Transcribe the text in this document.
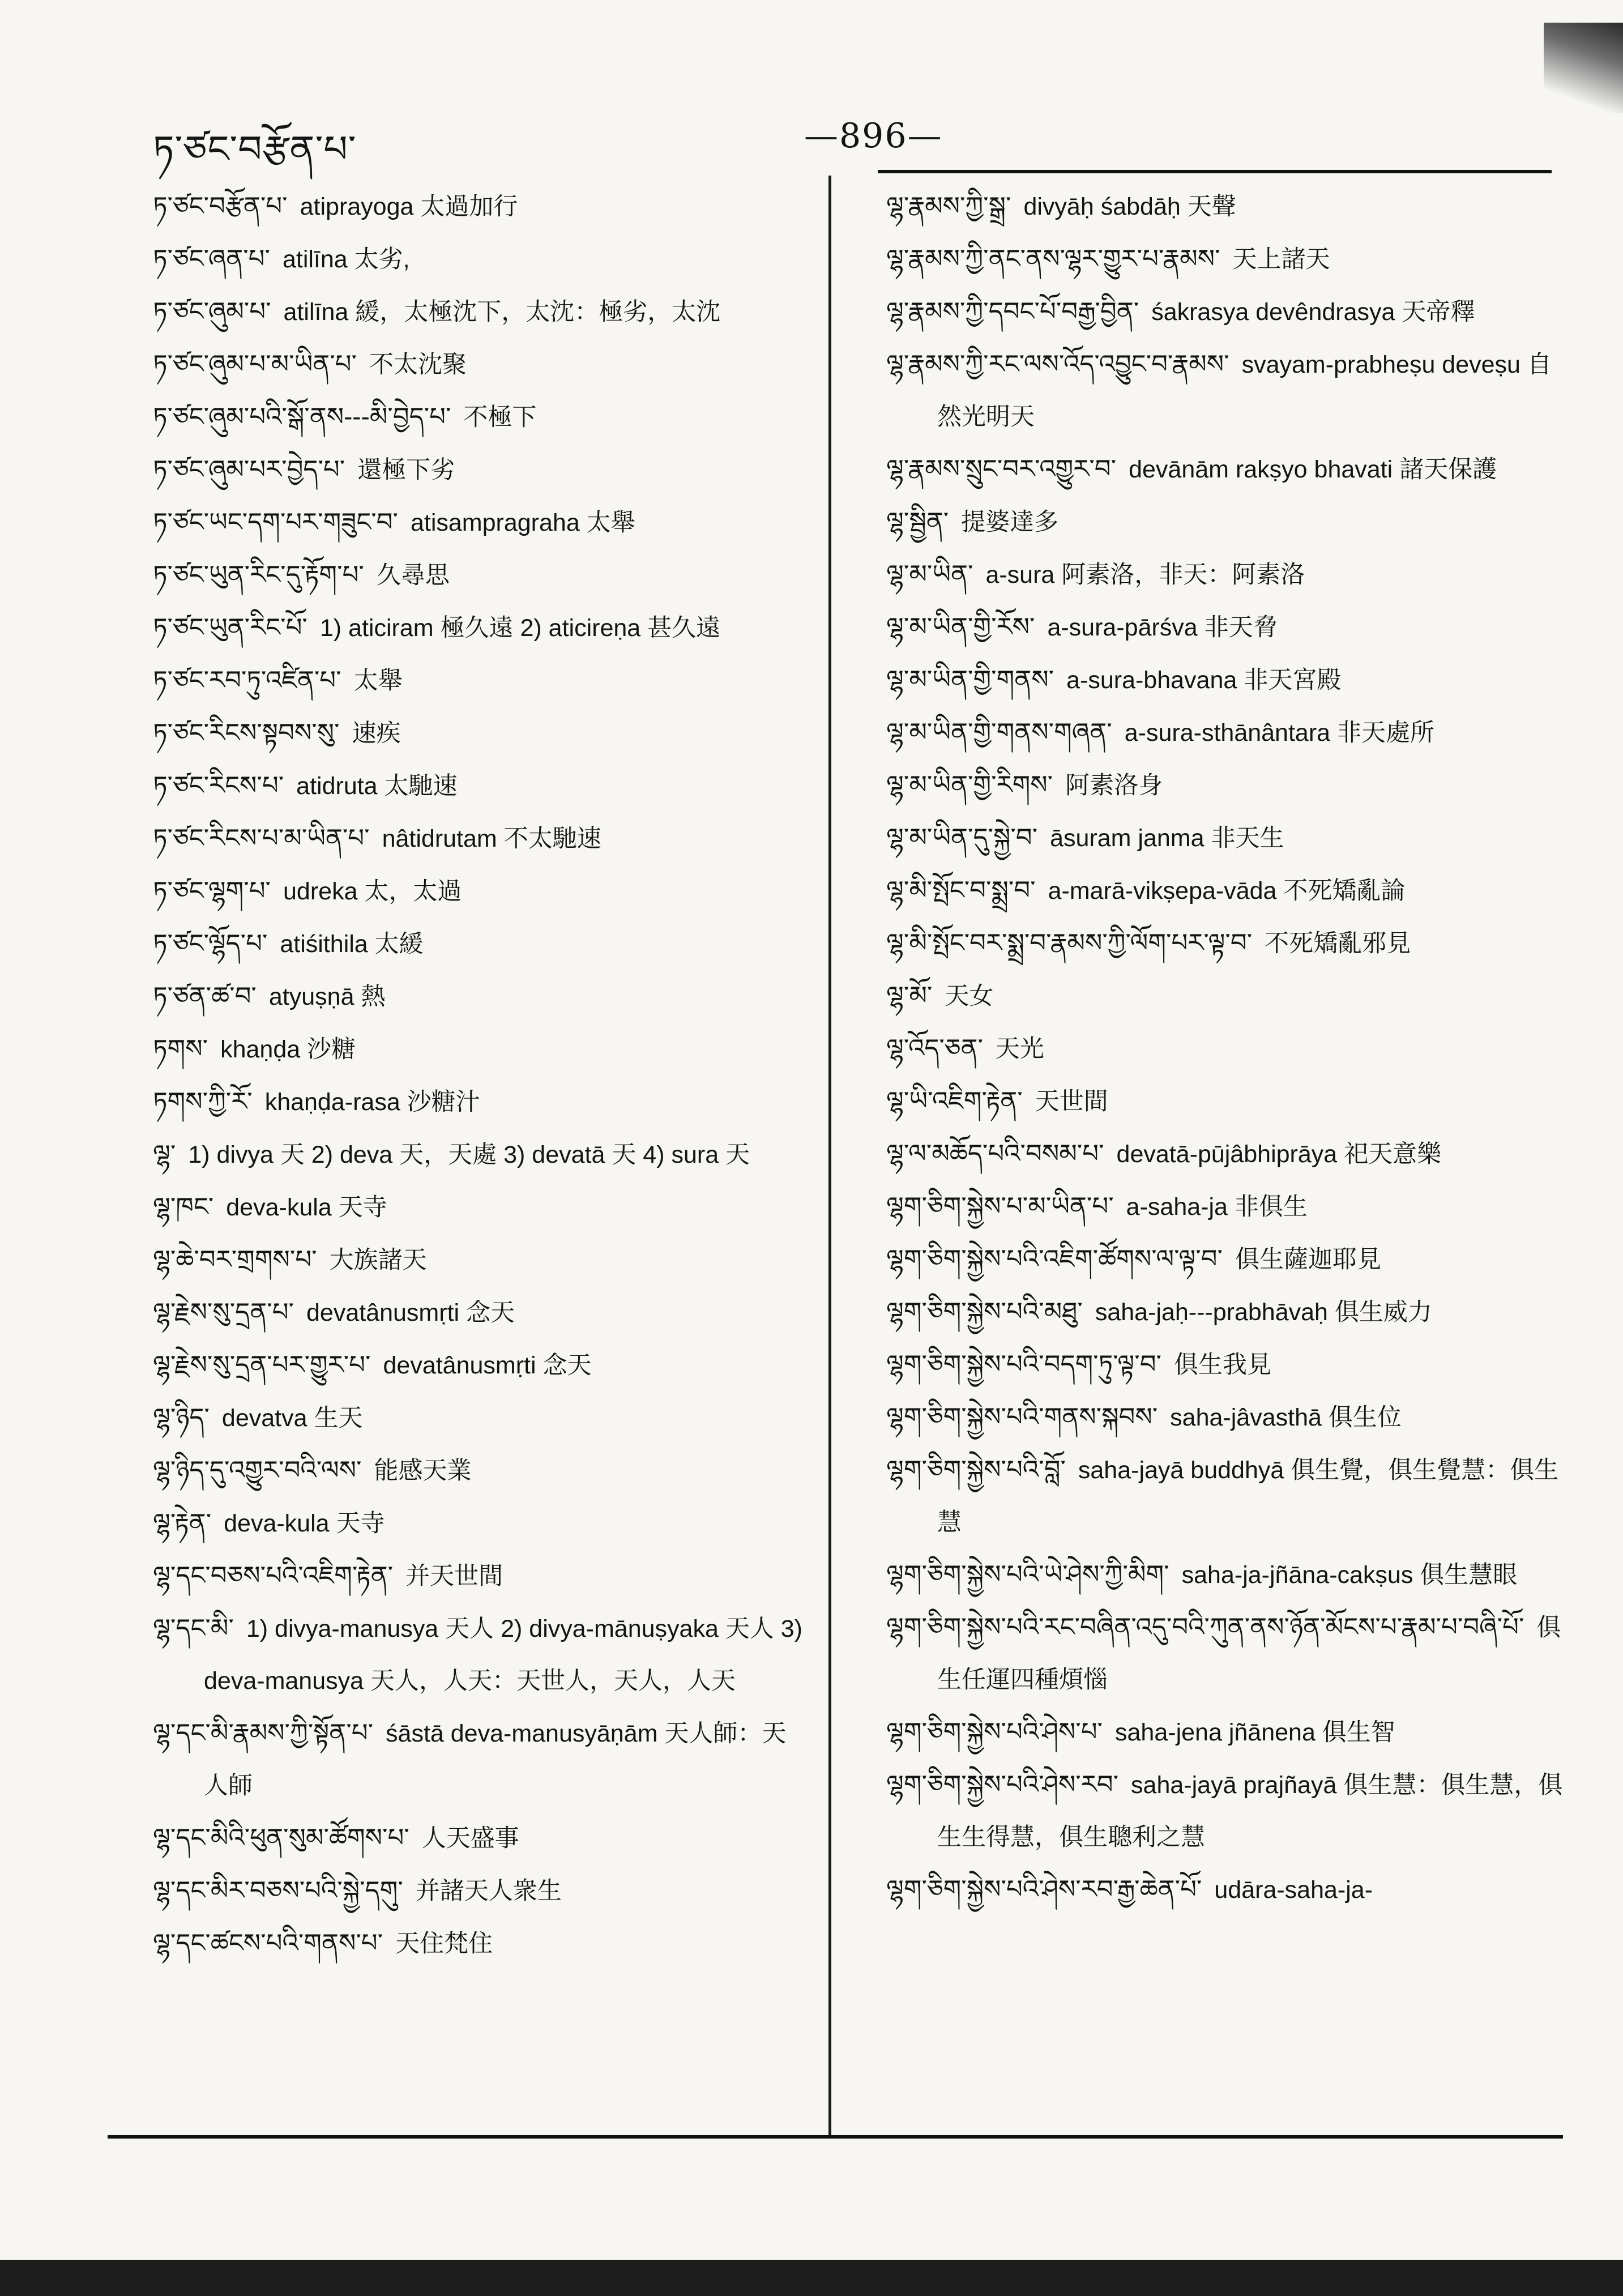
ཏ་ཙང་བརྩོན་པ་	—896—
ཏ་ཙང་བརྩོན་པ་ atiprayoga 太過加行
ཏ་ཙང་ཞན་པ་ atilīna 太劣,
ཏ་ཙང་ཞུམ་པ་ atilīna 緩，太極沈下，太沈：極劣，太沈
ཏ་ཙང་ཞུམ་པ་མ་ཡིན་པ་ 不太沈聚
ཏ་ཙང་ཞུམ་པའི་སྒོ་ནས---མི་བྱེད་པ་ 不極下
ཏ་ཙང་ཞུམ་པར་བྱེད་པ་ 還極下劣
ཏ་ཙང་ཡང་དག་པར་གཟུང་བ་ atisampragraha 太舉
ཏ་ཙང་ཡུན་རིང་དུ་རྟོག་པ་ 久尋思
ཏ་ཙང་ཡུན་རིང་པོ་ 1) aticiram 極久遠 2) aticireṇa 甚久遠
ཏ་ཙང་རབ་ཏུ་འཛིན་པ་ 太舉
ཏ་ཙང་རིངས་སྟབས་སུ་ 速疾
ཏ་ཙང་རིངས་པ་ atidruta 太馳速
ཏ་ཙང་རིངས་པ་མ་ཡིན་པ་ nâtidrutam 不太馳速
ཏ་ཙང་ལྷག་པ་ udreka 太，太過
ཏ་ཙང་ལྷོད་པ་ atiśithila 太緩
ཏ་ཙན་ཚ་བ་ atyuṣṇā 熱
ཏགས་ khaṇḍa 沙糖
ཏགས་ཀྱི་རོ་ khaṇḍa-rasa 沙糖汁
ལྷ་ 1) divya 天 2) deva 天，天處 3) devatā 天 4) sura 天
ལྷ་ཁང་ deva-kula 天寺
ལྷ་ཆེ་བར་གྲགས་པ་ 大族諸天
ལྷ་རྗེས་སུ་དྲན་པ་ devatânusmṛti 念天
ལྷ་རྗེས་སུ་དྲན་པར་གྱུར་པ་ devatânusmṛti 念天
ལྷ་ཉིད་ devatva 生天
ལྷ་ཉིད་དུ་འགྱུར་བའི་ལས་ 能感天業
ལྷ་རྟེན་ deva-kula 天寺
ལྷ་དང་བཅས་པའི་འཇིག་རྟེན་ 并天世間
ལྷ་དང་མི་ 1) divya-manusya 天人 2) divya-mānuṣyaka 天人 3) deva-manusya 天人，人天：天世人，天人，人天
ལྷ་དང་མི་རྣམས་ཀྱི་སྟོན་པ་ śāstā deva-manusyāṇām 天人師：天人師
ལྷ་དང་མིའི་ཕུན་སུམ་ཚོགས་པ་ 人天盛事
ལྷ་དང་མིར་བཅས་པའི་སྐྱེ་དགུ་ 并諸天人衆生
ལྷ་དང་ཚངས་པའི་གནས་པ་ 天住梵住
ལྷ་རྣམས་ཀྱི་སྒྲ་ divyāḥ śabdāḥ 天聲
ལྷ་རྣམས་ཀྱི་ནང་ནས་ལྷར་གྱུར་པ་རྣམས་ 天上諸天
ལྷ་རྣམས་ཀྱི་དབང་པོ་བརྒྱ་བྱིན་ śakrasya devêndrasya 天帝釋
ལྷ་རྣམས་ཀྱི་རང་ལས་འོད་འབྱུང་བ་རྣམས་ svayam-prabheṣu deveṣu 自然光明天
ལྷ་རྣམས་སྲུང་བར་འགྱུར་བ་ devānām rakṣyo bhavati 諸天保護
ལྷ་སྦྱིན་ 提婆達多
ལྷ་མ་ཡིན་ a-sura 阿素洛，非天：阿素洛
ལྷ་མ་ཡིན་གྱི་རོས་ a-sura-pārśva 非天脅
ལྷ་མ་ཡིན་གྱི་གནས་ a-sura-bhavana 非天宮殿
ལྷ་མ་ཡིན་གྱི་གནས་གཞན་ a-sura-sthānântara 非天處所
ལྷ་མ་ཡིན་གྱི་རིགས་ 阿素洛身
ལྷ་མ་ཡིན་དུ་སྐྱེ་བ་ āsuram janma 非天生
ལྷ་མི་སྤོང་བ་སྨྲ་བ་ a-marā-vikṣepa-vāda 不死矯亂論
ལྷ་མི་སྤོང་བར་སྨྲ་བ་རྣམས་ཀྱི་ལོག་པར་ལྟ་བ་ 不死矯亂邪見
ལྷ་མོ་ 天女
ལྷ་འོད་ཅན་ 天光
ལྷ་ཡི་འཇིག་རྟེན་ 天世間
ལྷ་ལ་མཆོད་པའི་བསམ་པ་ devatā-pūjâbhiprāya 祀天意樂
ལྷག་ཅིག་སྐྱེས་པ་མ་ཡིན་པ་ a-saha-ja 非俱生
ལྷག་ཅིག་སྐྱེས་པའི་འཇིག་ཚོགས་ལ་ལྟ་བ་ 俱生薩迦耶見
ལྷག་ཅིག་སྐྱེས་པའི་མཐུ་ saha-jaḥ---prabhāvaḥ 俱生威力
ལྷག་ཅིག་སྐྱེས་པའི་བདག་ཏུ་ལྟ་བ་ 俱生我見
ལྷག་ཅིག་སྐྱེས་པའི་གནས་སྐབས་ saha-jâvasthā 俱生位
ལྷག་ཅིག་སྐྱེས་པའི་བློ་ saha-jayā buddhyā 俱生覺，俱生覺慧：俱生慧
ལྷག་ཅིག་སྐྱེས་པའི་ཡེ་ཤེས་ཀྱི་མིག་ saha-ja-jñāna-cakṣus 俱生慧眼
ལྷག་ཅིག་སྐྱེས་པའི་རང་བཞིན་འདུ་བའི་ཀུན་ནས་ཉོན་མོངས་པ་རྣམ་པ་བཞི་པོ་ 俱生任運四種煩惱
ལྷག་ཅིག་སྐྱེས་པའི་ཤེས་པ་ saha-jena jñānena 俱生智
ལྷག་ཅིག་སྐྱེས་པའི་ཤེས་རབ་ saha-jayā prajñayā 俱生慧：俱生慧，俱生生得慧，俱生聰利之慧
ལྷག་ཅིག་སྐྱེས་པའི་ཤེས་རབ་རྒྱ་ཆེན་པོ་ udāra-saha-ja-
